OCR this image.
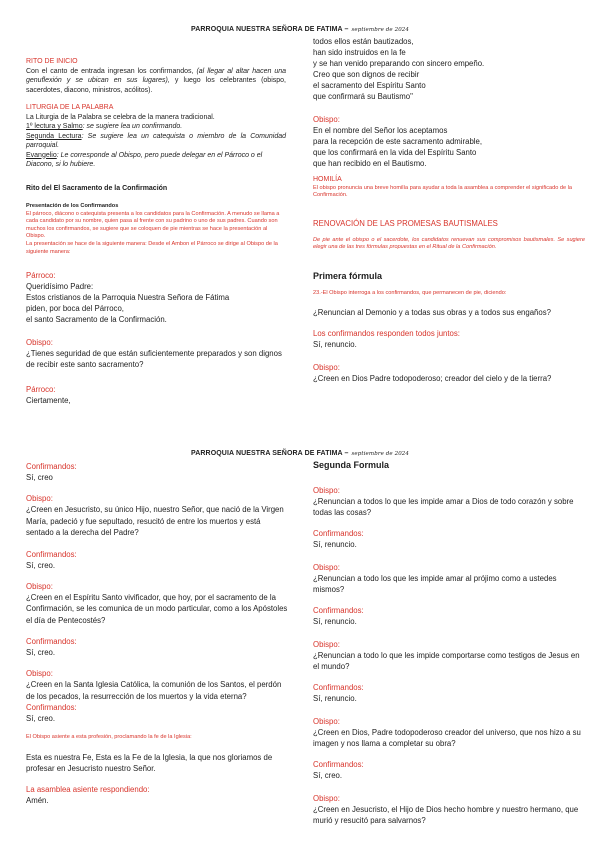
PARROQUIA NUESTRA SEÑORA DE FATIMA – septiembre de 2024

RITO DE INICIO

Con el canto de entrada ingresan los confirmandos, (al llegar al altar hacen una genuflexión y se ubican en sus lugares), y luego los celebrantes (obispo, sacerdotes, diacono, ministros, acólitos).

LITURGIA DE LA PALABRA

La Liturgia de la Palabra se celebra de la manera tradicional.

1º lectura y Salmo: se sugiere lea un confirmando.

Segunda Lectura: Se sugiere lea un catequista o miembro de la Comunidad parroquial.

Evangelio: Le corresponde al Obispo, pero puede delegar en el Párroco o el Diacono, si lo hubiere.

Rito del El Sacramento de la Confirmación

Presentación de los Confirmandos

El párroco, diácono o catequista presenta a los candidatos para la Confirmación. A menudo se llama a cada candidato por su nombre, quien pasa al frente con su padrino o uno de sus padres. Cuando son muchos los confirmandos, se sugiere que se coloquen de pie mientras se hace la presentación al Obispo.

La presentación se hace de la siguiente manera: Desde el Ambon el Párroco se dirige al Obispo de la siguiente manera:

Párroco:

Queridísimo Padre:

Estos cristianos de la Parroquia Nuestra Señora de Fátima

piden, por boca del Párroco,

el santo Sacramento de la Confirmación.

Obispo:

¿Tienes seguridad de que están suficientemente preparados y son dignos de recibir este santo sacramento?

Párroco:

Ciertamente,

todos ellos están bautizados,

han sido instruidos en la fe

y se han venido preparando con sincero empeño.

Creo que son dignos de recibir

el sacramento del Espíritu Santo

que confirmará su Bautismo"

Obispo:

En el nombre del Señor los aceptamos

para la recepción de este sacramento admirable,

que los confirmará en la vida del Espíritu Santo

que han recibido en el Bautismo.

HOMILÍA

El obispo pronuncia una breve homilía para ayudar a toda la asamblea a comprender el significado de la Confirmación.

RENOVACIÓN DE LAS PROMESAS BAUTISMALES

De pie ante el obispo o el sacerdote, los candidatos renuevan sus compromisos bautismales. Se sugiere elegir una de las tres fórmulas propuestas en el Ritual de la Confirmación.

Primera fórmula

23.-El Obispo interroga a los confirmandos, que permanecen de pie, diciendo:

¿Renuncian al Demonio y a todas sus obras y a todos sus engaños?

Los confirmandos responden todos juntos:

Sí, renuncio.

Obispo:

¿Creen en Dios Padre todopoderoso; creador del cielo y de la tierra?

PARROQUIA NUESTRA SEÑORA DE FATIMA – septiembre de 2024

Confirmandos:

Sí, creo

Obispo:

¿Creen en Jesucristo, su único Hijo, nuestro Señor, que nació de la Virgen María, padeció y fue sepultado, resucitó de entre los muertos y está sentado a la derecha del Padre?

Confirmandos:

Sí, creo.

Obispo:

¿Creen en el Espíritu Santo vivificador, que hoy, por el sacramento de la Confirmación, se les comunica de un modo particular, como a los Apóstoles el día de Pentecostés?

Confirmandos:

Sí, creo.

Obispo:

¿Creen en la Santa Iglesia Católica, la comunión de los Santos, el perdón de los pecados, la resurrección de los muertos y la vida eterna?

Confirmandos:

Sí, creo.

El Obispo asiente a esta profesión, proclamando la fe de la Iglesia:

Esta es nuestra Fe, Esta es la Fe de la Iglesia, la que nos gloriamos de profesar en Jesucristo nuestro Señor.

La asamblea asiente respondiendo:

Amén.

Segunda Formula

Obispo:

¿Renuncian a todos lo que les impide amar a Dios de todo corazón y sobre todas las cosas?

Confirmandos:

Sí, renuncio.

Obispo:

¿Renuncian a todo los que les impide amar al prójimo como a ustedes mismos?

Confirmandos:

Sí, renuncio.

Obispo:

¿Renuncian a todo lo que les impide comportarse como testigos de Jesus en el mundo?

Confirmandos:

Sí, renuncio.

Obispo:

¿Creen en Dios, Padre todopoderoso creador del universo, que nos hizo a su imagen y nos llama a completar su obra?

Confirmandos:

Sí, creo.

Obispo:

¿Creen en Jesucristo, el Hijo de Dios hecho hombre y nuestro hermano, que murió y resucitó para salvarnos?
